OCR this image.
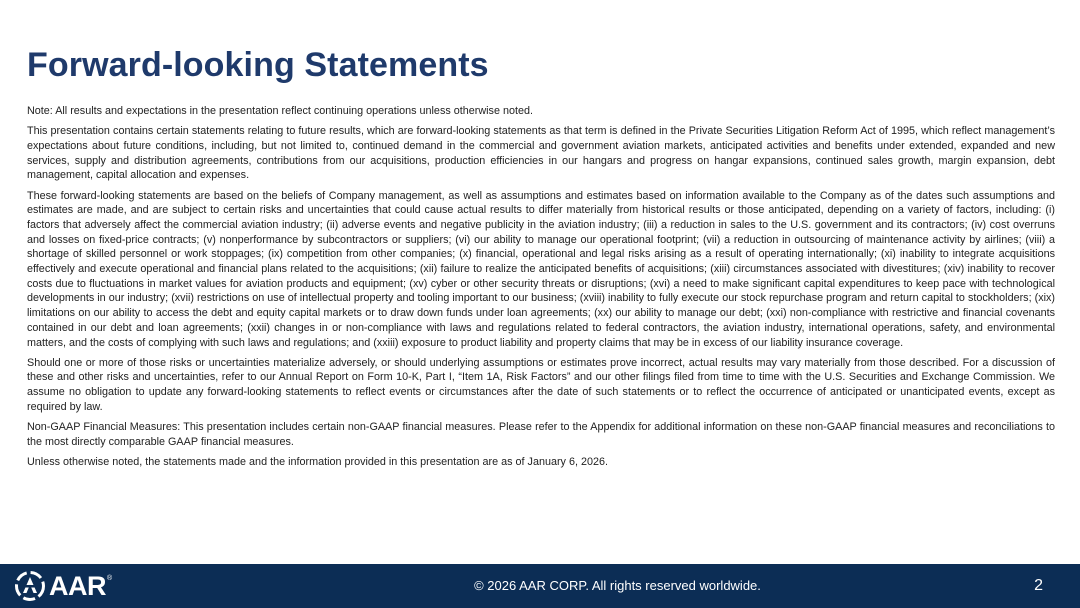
Forward-looking Statements

Note: All results and expectations in the presentation reflect continuing operations unless otherwise noted.

This presentation contains certain statements relating to future results, which are forward-looking statements as that term is defined in the Private Securities Litigation Reform Act of 1995, which reflect management’s expectations about future conditions, including, but not limited to, continued demand in the commercial and government aviation markets, anticipated activities and benefits under extended, expanded and new services, supply and distribution agreements, contributions from our acquisitions, production efficiencies in our hangars and progress on hangar expansions, continued sales growth, margin expansion, debt management, capital allocation and expenses.

These forward-looking statements are based on the beliefs of Company management, as well as assumptions and estimates based on information available to the Company as of the dates such assumptions and estimates are made, and are subject to certain risks and uncertainties that could cause actual results to differ materially from historical results or those anticipated, depending on a variety of factors, including: (i) factors that adversely affect the commercial aviation industry; (ii) adverse events and negative publicity in the aviation industry; (iii) a reduction in sales to the U.S. government and its contractors; (iv) cost overruns and losses on fixed-price contracts; (v) nonperformance by subcontractors or suppliers; (vi) our ability to manage our operational footprint; (vii) a reduction in outsourcing of maintenance activity by airlines; (viii) a shortage of skilled personnel or work stoppages; (ix) competition from other companies; (x) financial, operational and legal risks arising as a result of operating internationally; (xi) inability to integrate acquisitions effectively and execute operational and financial plans related to the acquisitions; (xii) failure to realize the anticipated benefits of acquisitions; (xiii) circumstances associated with divestitures; (xiv) inability to recover costs due to fluctuations in market values for aviation products and equipment; (xv) cyber or other security threats or disruptions; (xvi) a need to make significant capital expenditures to keep pace with technological developments in our industry; (xvii) restrictions on use of intellectual property and tooling important to our business; (xviii) inability to fully execute our stock repurchase program and return capital to stockholders; (xix) limitations on our ability to access the debt and equity capital markets or to draw down funds under loan agreements; (xx) our ability to manage our debt; (xxi) non-compliance with restrictive and financial covenants contained in our debt and loan agreements; (xxii) changes in or non-compliance with laws and regulations related to federal contractors, the aviation industry, international operations, safety, and environmental matters, and the costs of complying with such laws and regulations; and (xxiii) exposure to product liability and property claims that may be in excess of our liability insurance coverage.

Should one or more of those risks or uncertainties materialize adversely, or should underlying assumptions or estimates prove incorrect, actual results may vary materially from those described. For a discussion of these and other risks and uncertainties, refer to our Annual Report on Form 10-K, Part I, “Item 1A, Risk Factors” and our other filings filed from time to time with the U.S. Securities and Exchange Commission. We assume no obligation to update any forward-looking statements to reflect events or circumstances after the date of such statements or to reflect the occurrence of anticipated or unanticipated events, except as required by law.

Non-GAAP Financial Measures: This presentation includes certain non-GAAP financial measures. Please refer to the Appendix for additional information on these non-GAAP financial measures and reconciliations to the most directly comparable GAAP financial measures.

Unless otherwise noted, the statements made and the information provided in this presentation are as of January 6, 2026.

AAR ®	© 2026 AAR CORP. All rights reserved worldwide.	2
